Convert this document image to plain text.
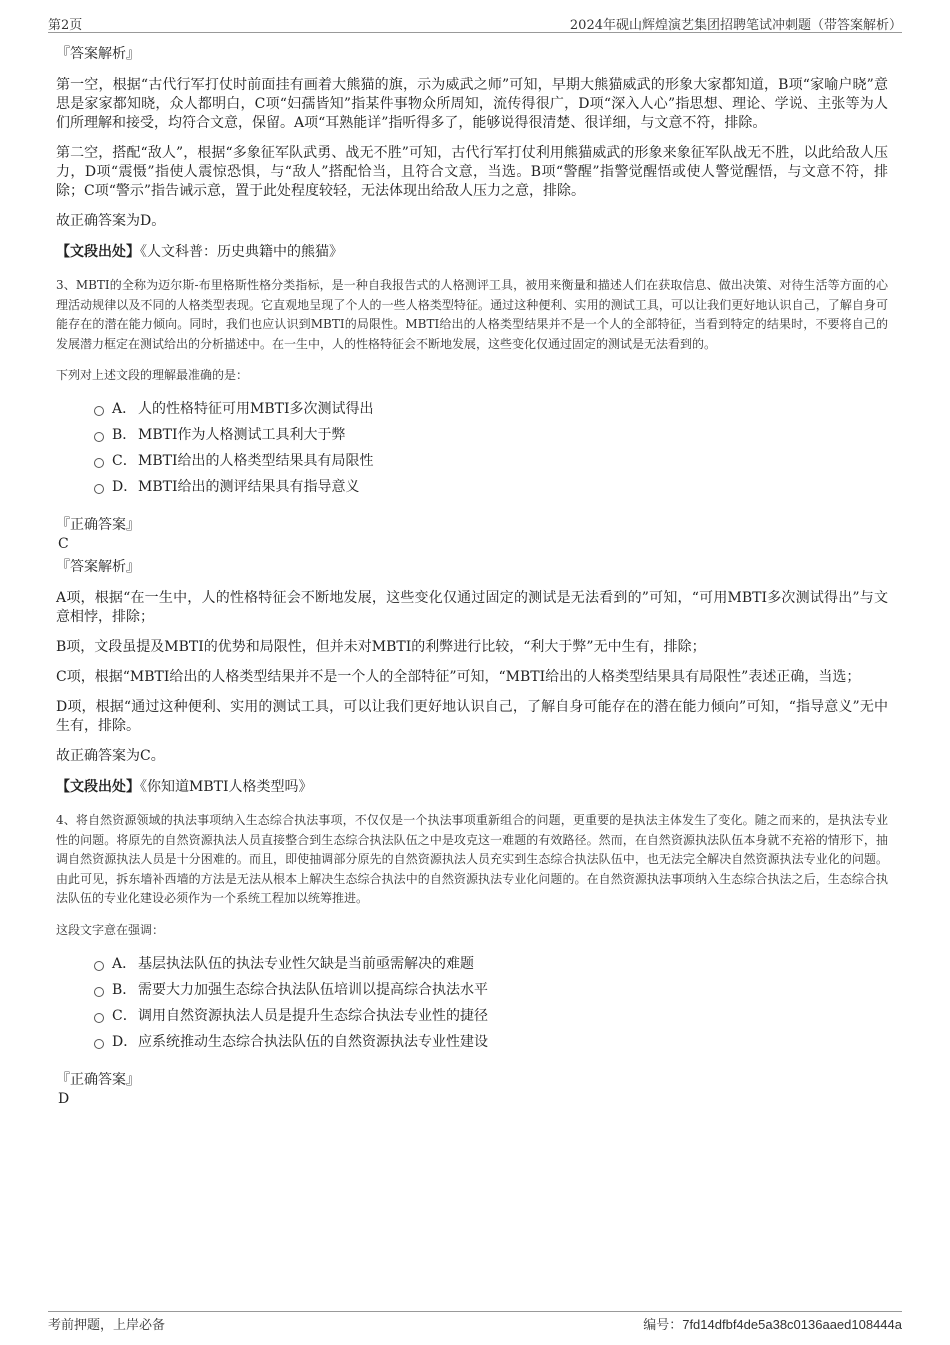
第2页	2024年砚山辉煌演艺集团招聘笔试冲刺题（带答案解析）
『答案解析』

第一空，根据“古代行军打仗时前面挂有画着大熊猫的旗，示为威武之师”可知，早期大熊猫威武的形象大家都知道，B项“家喻户晓”意思是家家都知晓，众人都明白，C项“妇孺皆知”指某件事物众所周知，流传得很广，D项“深入人心”指思想、理论、学说、主张等为人们所理解和接受，均符合文意，保留。A项“耳熟能详”指听得多了，能够说得很清楚、很详细，与文意不符，排除。

第二空，搭配“敌人”，根据“多象征军队武勇、战无不胜”可知，古代行军打仗利用熊猫威武的形象来象征军队战无不胜，以此给敌人压力，D项“震慑”指使人震惊恐惧，与“敌人”搭配恰当，且符合文意，当选。B项“警醒”指警觉醒悟或使人警觉醒悟，与文意不符，排除；C项“警示”指告诫示意，置于此处程度较轻，无法体现出给敌人压力之意，排除。

故正确答案为D。

【文段出处】《人文科普：历史典籍中的熊猫》

3、MBTI的全称为迈尔斯-布里格斯性格分类指标，是一种自我报告式的人格测评工具，被用来衡量和描述人们在获取信息、做出决策、对待生活等方面的心理活动规律以及不同的人格类型表现。它直观地呈现了个人的一些人格类型特征。通过这种便利、实用的测试工具，可以让我们更好地认识自己，了解自身可能存在的潜在能力倾向。同时，我们也应认识到MBTI的局限性。MBTI给出的人格类型结果并不是一个人的全部特征，当看到特定的结果时，不要将自己的发展潜力框定在测试给出的分析描述中。在一生中，人的性格特征会不断地发展，这些变化仅通过固定的测试是无法看到的。

下列对上述文段的理解最准确的是：

A． 人的性格特征可用MBTI多次测试得出
B． MBTI作为人格测试工具利大于弊
C． MBTI给出的人格类型结果具有局限性
D． MBTI给出的测评结果具有指导意义
『正确答案』
C
『答案解析』

A项，根据“在一生中，人的性格特征会不断地发展，这些变化仅通过固定的测试是无法看到的”可知，“可用MBTI多次测试得出”与文意相悖，排除；

B项，文段虽提及MBTI的优势和局限性，但并未对MBTI的利弊进行比较，“利大于弊”无中生有，排除；

C项，根据“MBTI给出的人格类型结果并不是一个人的全部特征”可知，“MBTI给出的人格类型结果具有局限性”表述正确，当选；

D项，根据“通过这种便利、实用的测试工具，可以让我们更好地认识自己，了解自身可能存在的潜在能力倾向”可知，“指导意义”无中生有，排除。

故正确答案为C。

【文段出处】《你知道MBTI人格类型吗》

4、将自然资源领域的执法事项纳入生态综合执法事项，不仅仅是一个执法事项重新组合的问题，更重要的是执法主体发生了变化。随之而来的，是执法专业性的问题。将原先的自然资源执法人员直接整合到生态综合执法队伍之中是攻克这一难题的有效路径。然而，在自然资源执法队伍本身就不充裕的情形下，抽调自然资源执法人员是十分困难的。而且，即使抽调部分原先的自然资源执法人员充实到生态综合执法队伍中，也无法完全解决自然资源执法专业化的问题。由此可见，拆东墙补西墙的方法是无法从根本上解决生态综合执法中的自然资源执法专业化问题的。在自然资源执法事项纳入生态综合执法之后，生态综合执法队伍的专业化建设必须作为一个系统工程加以统筹推进。

这段文字意在强调：

A． 基层执法队伍的执法专业性欠缺是当前亟需解决的难题
B． 需要大力加强生态综合执法队伍培训以提高综合执法水平
C． 调用自然资源执法人员是提升生态综合执法专业性的捷径
D． 应系统推动生态综合执法队伍的自然资源执法专业性建设
『正确答案』
D
考前押题，上岸必备	编号：7fd14dfbf4de5a38c0136aaed108444a
